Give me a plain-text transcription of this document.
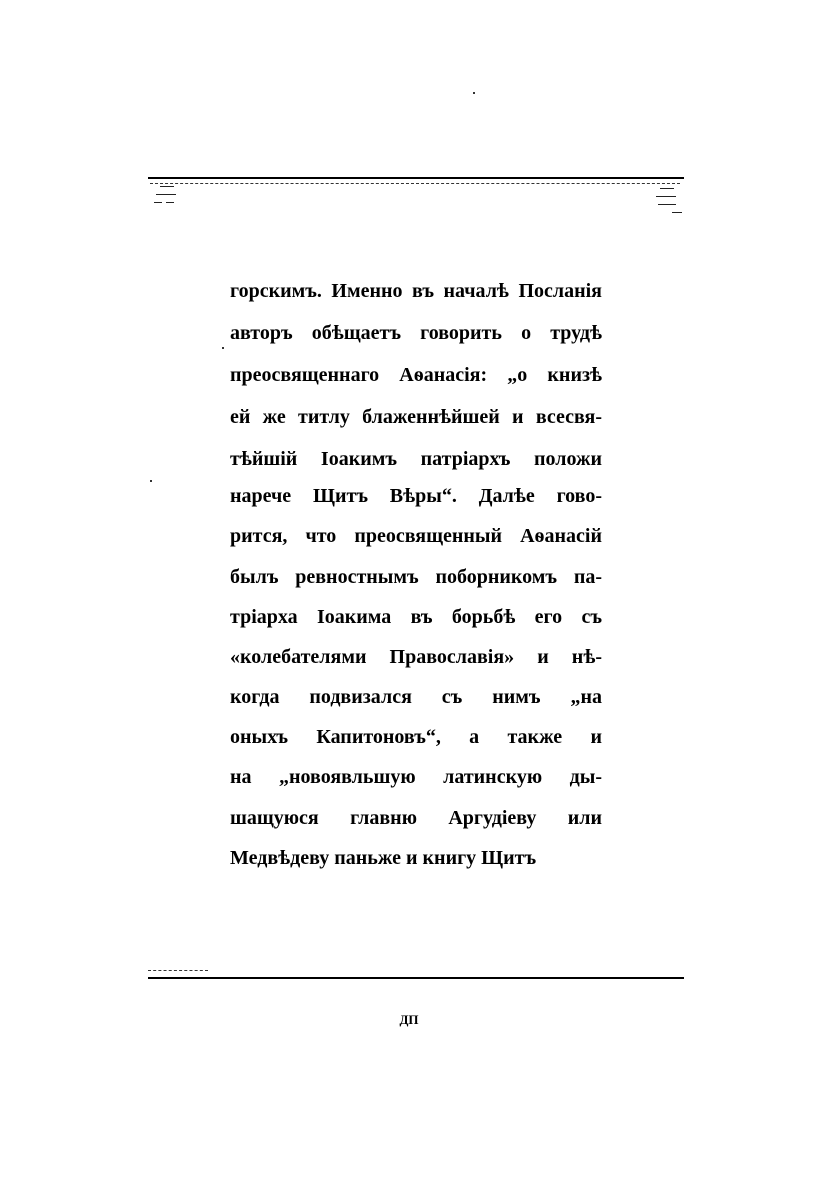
горскимъ. Именно въ началѣ Посланія
авторъ обѣщаетъ говорить о трудѣ
преосвященнаго Аѳанасія: „о книзѣ
ей же титлу блаженнѣйшей и всесвя-
тѣйшій Іоакимъ патріархъ положи
нарече Щитъ Вѣры“. Далѣе гово-
рится, что преосвященный Аѳанасій
былъ ревностнымъ поборникомъ па-
тріарха Іоакима въ борьбѣ его съ
«колебателями Православія» и нѣ-
когда подвизался съ нимъ „на
оныхъ Капитоновъ“, а также и
на „новоявльшую латинскую ды-
шащуюся главню Аргудіеву или
Медвѣдеву паньже и книгу Щитъ
ДП
